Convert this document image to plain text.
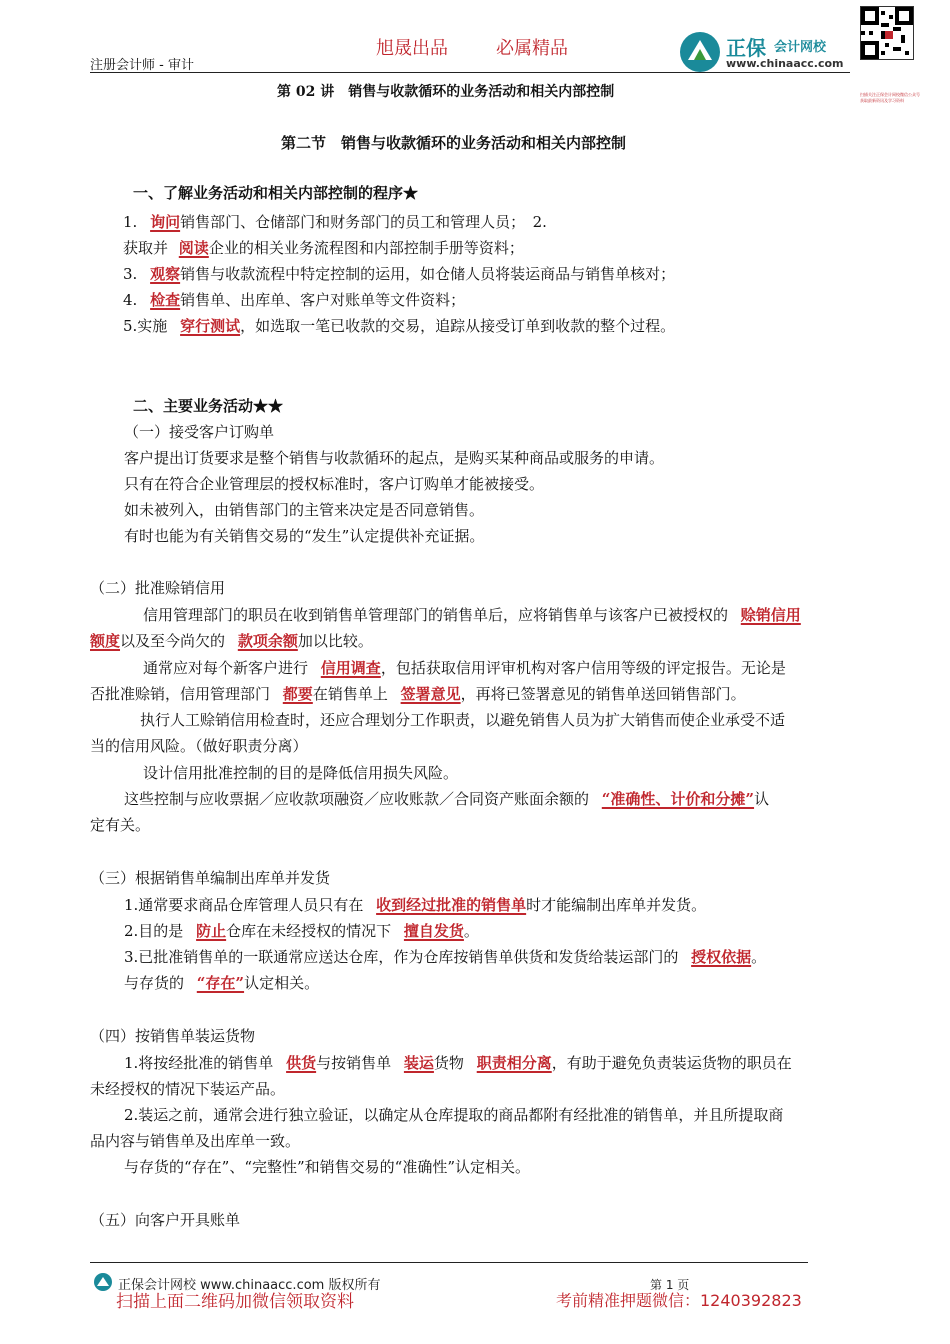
注册会计师 - 审计
旭晟出品	必属精品	正保 会计网校
www.chinaacc.com
扫描关注正保会计网校微信公众号
获取最新资讯及学习资料
第 02 讲　销售与收款循环的业务活动和相关内部控制
第二节　销售与收款循环的业务活动和相关内部控制
一、了解业务活动和相关内部控制的程序★
1. 询问销售部门、仓储部门和财务部门的员工和管理人员；　2.
获取并 阅读企业的相关业务流程图和内部控制手册等资料；
3. 观察销售与收款流程中特定控制的运用，如仓储人员将装运商品与销售单核对；
4. 检查销售单、出库单、客户对账单等文件资料；
5.实施 穿行测试，如选取一笔已收款的交易，追踪从接受订单到收款的整个过程。
二、主要业务活动★★
（一）接受客户订购单
客户提出订货要求是整个销售与收款循环的起点，是购买某种商品或服务的申请。
只有在符合企业管理层的授权标准时，客户订购单才能被接受。
如未被列入，由销售部门的主管来决定是否同意销售。
有时也能为有关销售交易的“发生”认定提供补充证据。
（二）批准赊销信用
信用管理部门的职员在收到销售单管理部门的销售单后，应将销售单与该客户已被授权的 赊销信用
额度以及至今尚欠的 款项余额加以比较。
通常应对每个新客户进行 信用调查，包括获取信用评审机构对客户信用等级的评定报告。无论是
否批准赊销，信用管理部门 都要在销售单上 签署意见，再将已签署意见的销售单送回销售部门。
执行人工赊销信用检查时，还应合理划分工作职责，以避免销售人员为扩大销售而使企业承受不适
当的信用风险。（做好职责分离）
设计信用批准控制的目的是降低信用损失风险。
这些控制与应收票据／应收款项融资／应收账款／合同资产账面余额的 “准确性、计价和分摊”认
定有关。
（三）根据销售单编制出库单并发货
1.通常要求商品仓库管理人员只有在 收到经过批准的销售单时才能编制出库单并发货。
2.目的是 防止仓库在未经授权的情况下 擅自发货。
3.已批准销售单的一联通常应送达仓库，作为仓库按销售单供货和发货给装运部门的 授权依据。
与存货的 “存在”认定相关。
（四）按销售单装运货物
1.将按经批准的销售单 供货与按销售单 装运货物 职责相分离，有助于避免负责装运货物的职员在
未经授权的情况下装运产品。
2.装运之前，通常会进行独立验证，以确定从仓库提取的商品都附有经批准的销售单，并且所提取商
品内容与销售单及出库单一致。
与存货的“存在”、“完整性”和销售交易的“准确性”认定相关。
（五）向客户开具账单
正保会计网校 www.chinaacc.com 版权所有	第 1 页
扫描上面二维码加微信领取资料	考前精准押题微信：1240392823
